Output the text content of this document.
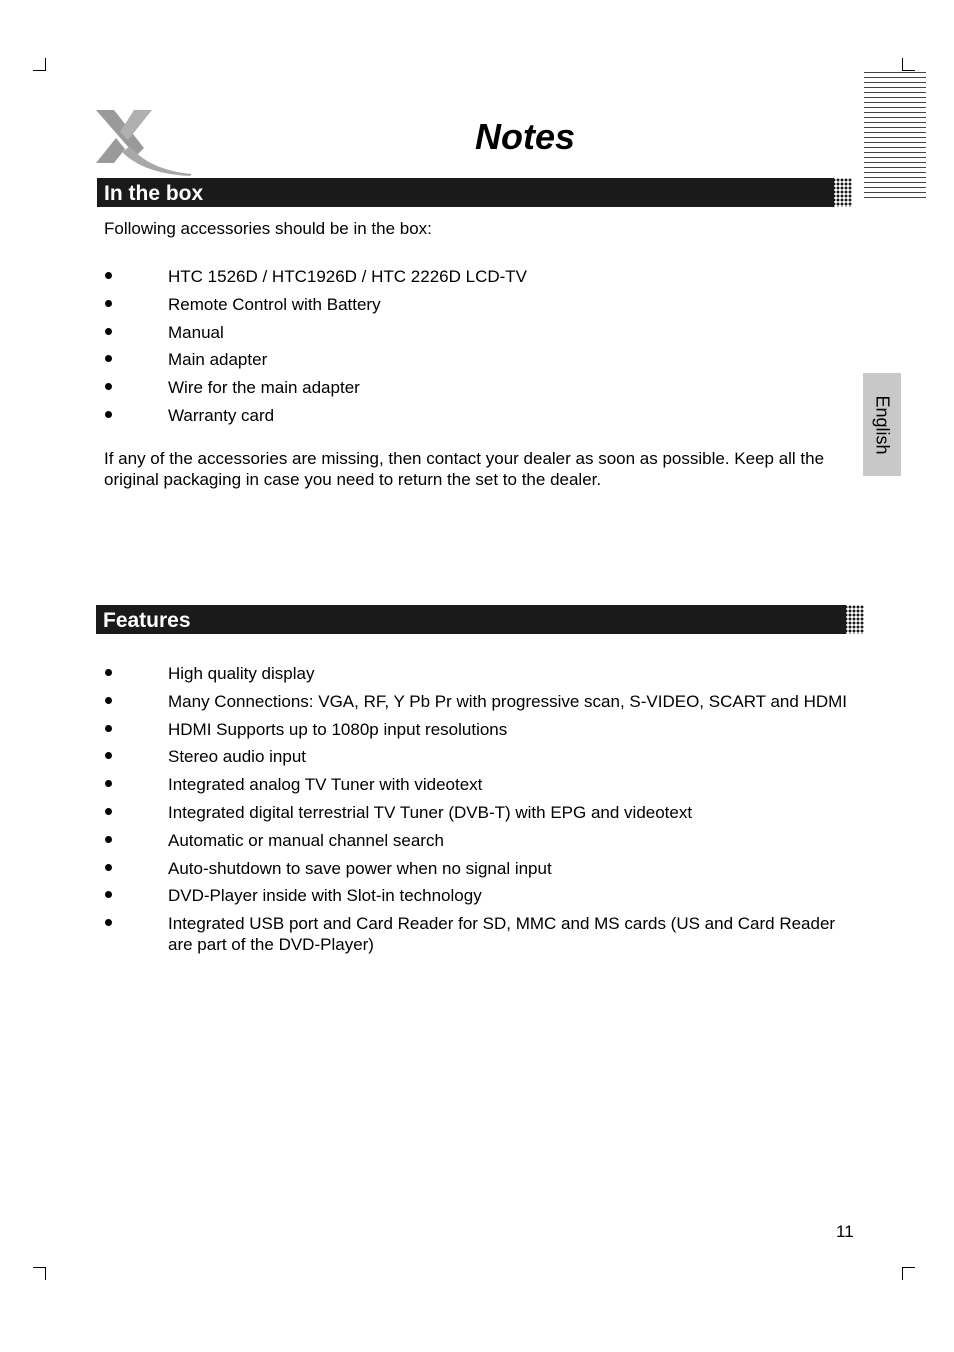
Notes
In the box
Following accessories should be in the box:
HTC 1526D / HTC1926D / HTC 2226D LCD-TV
Remote Control with Battery
Manual
Main adapter
Wire for the main adapter
Warranty card
If any of the accessories are missing, then contact your dealer as soon as possible. Keep all the original packaging in case you need to return the set to the dealer.
Features
High quality display
Many Connections: VGA, RF, Y Pb Pr with progressive scan, S-VIDEO, SCART and HDMI
HDMI Supports up to 1080p input resolutions
Stereo audio input
Integrated analog TV Tuner with videotext
Integrated digital terrestrial TV Tuner (DVB-T) with EPG and videotext
Automatic or manual channel search
Auto-shutdown to save power when no signal input
DVD-Player inside with Slot-in technology
Integrated USB port and Card Reader for SD, MMC and MS cards (US and Card Reader are part of the DVD-Player)
English
11
